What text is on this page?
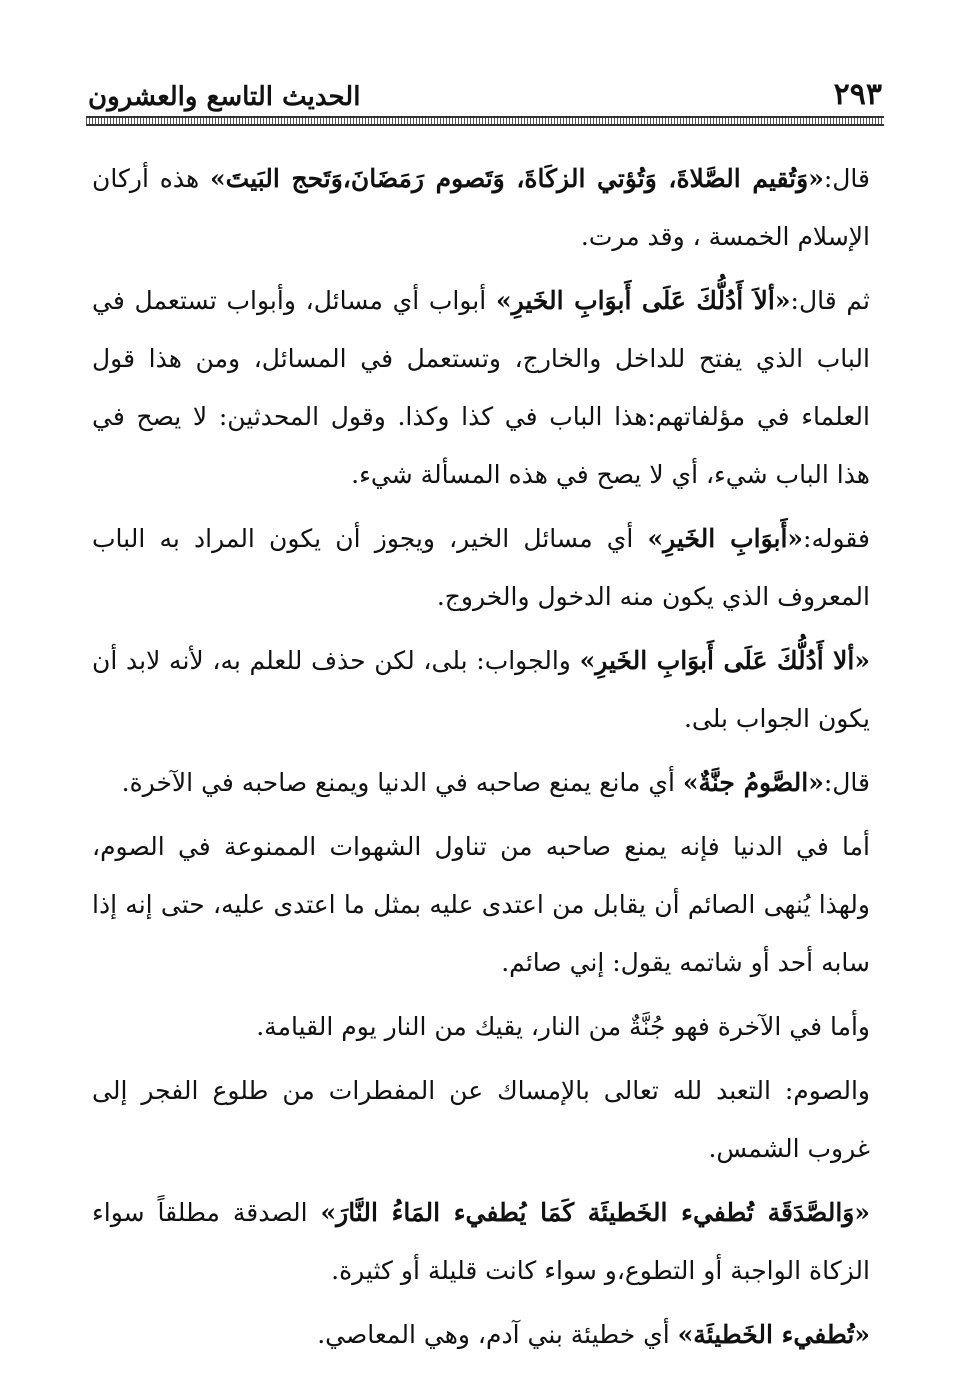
٢٩٣
الحديث التاسع والعشرون

قال:«وَتُقيم الصَّلاةَ، وَتُؤتي الزكَاةَ، وَتَصوم رَمَضَانَ،وَتَحج البَيتَ» هذه أركان الإسلام الخمسة ، وقد مرت.

ثم قال:«ألاَ أَدُلُّكَ عَلَى أَبوَابِ الخَيرِ» أبواب أي مسائل، وأبواب تستعمل في الباب الذي يفتح للداخل والخارج، وتستعمل في المسائل، ومن هذا قول العلماء في مؤلفاتهم:هذا الباب في كذا وكذا. وقول المحدثين: لا يصح في هذا الباب شيء، أي لا يصح في هذه المسألة شيء.

فقوله:«أَبوَابِ الخَيرِ» أي مسائل الخير، ويجوز أن يكون المراد به الباب المعروف الذي يكون منه الدخول والخروج.

«ألا أَدُلُّكَ عَلَى أَبوَابِ الخَيرِ» والجواب: بلى، لكن حذف للعلم به، لأنه لابد أن يكون الجواب بلى.

قال:«الصَّومُ جنَّةٌ» أي مانع يمنع صاحبه في الدنيا ويمنع صاحبه في الآخرة.

أما في الدنيا فإنه يمنع صاحبه من تناول الشهوات الممنوعة في الصوم، ولهذا يُنهى الصائم أن يقابل من اعتدى عليه بمثل ما اعتدى عليه، حتى إنه إذا سابه أحد أو شاتمه يقول: إني صائم.

وأما في الآخرة فهو جُنَّةٌ من النار، يقيك من النار يوم القيامة.

والصوم: التعبد لله تعالى بالإمساك عن المفطرات من طلوع الفجر إلى غروب الشمس.

«وَالصَّدَقَة تُطفيء الخَطيئَة كَمَا يُطفيء المَاءُ النَّارَ» الصدقة مطلقاً سواء الزكاة الواجبة أو التطوع،و سواء كانت قليلة أو كثيرة.

«تُطفيء الخَطيئَة» أي خطيئة بني آدم، وهي المعاصي.
